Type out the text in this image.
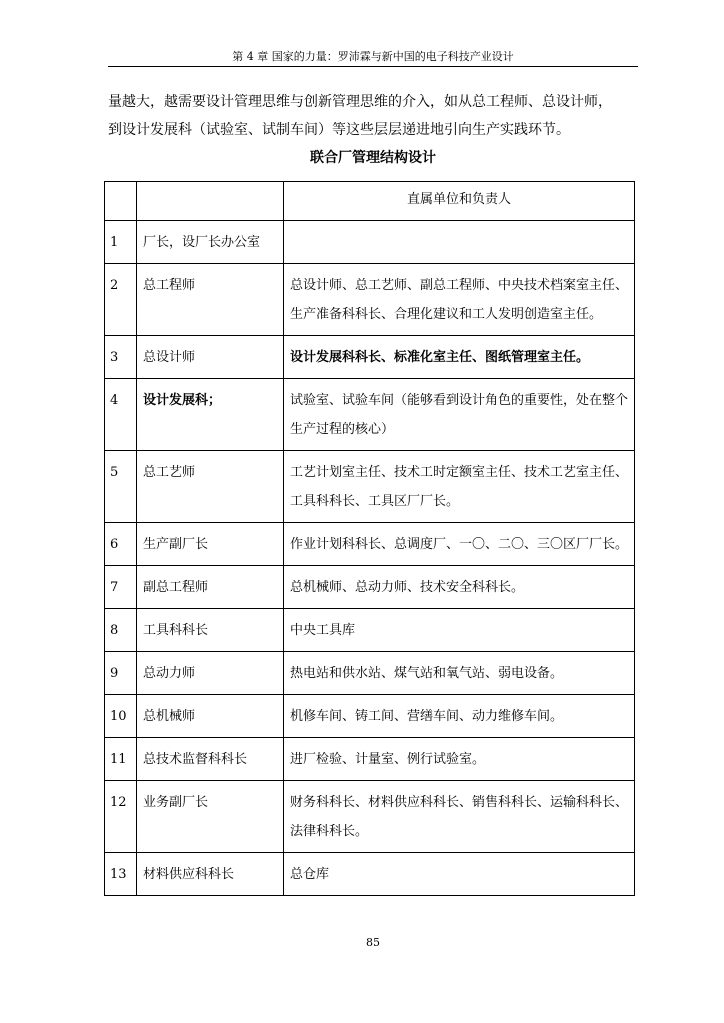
第 4 章 国家的力量：罗沛霖与新中国的电子科技产业设计

量越大，越需要设计管理思维与创新管理思维的介入，如从总工程师、总设计师，

到设计发展科（试验室、试制车间）等这些层层递进地引向生产实践环节。

联合厂管理结构设计
		直属单位和负责人
1	厂长，设厂长办公室	
2	总工程师	总设计师、总工艺师、副总工程师、中央技术档案室主任、生产准备科科长、合理化建议和工人发明创造室主任。
3	总设计师	设计发展科科长、标准化室主任、图纸管理室主任。
4	设计发展科；	试验室、试验车间（能够看到设计角色的重要性，处在整个生产过程的核心）
5	总工艺师	工艺计划室主任、技术工时定额室主任、技术工艺室主任、工具科科长、工具区厂厂长。
6	生产副厂长	作业计划科科长、总调度厂、一〇、二〇、三〇区厂厂长。
7	副总工程师	总机械师、总动力师、技术安全科科长。
8	工具科科长	中央工具库
9	总动力师	热电站和供水站、煤气站和氧气站、弱电设备。
10	总机械师	机修车间、铸工间、营缮车间、动力维修车间。
11	总技术监督科科长	进厂检验、计量室、例行试验室。
12	业务副厂长	财务科科长、材料供应科科长、销售科科长、运输科科长、法律科科长。
13	材料供应科科长	总仓库
85
